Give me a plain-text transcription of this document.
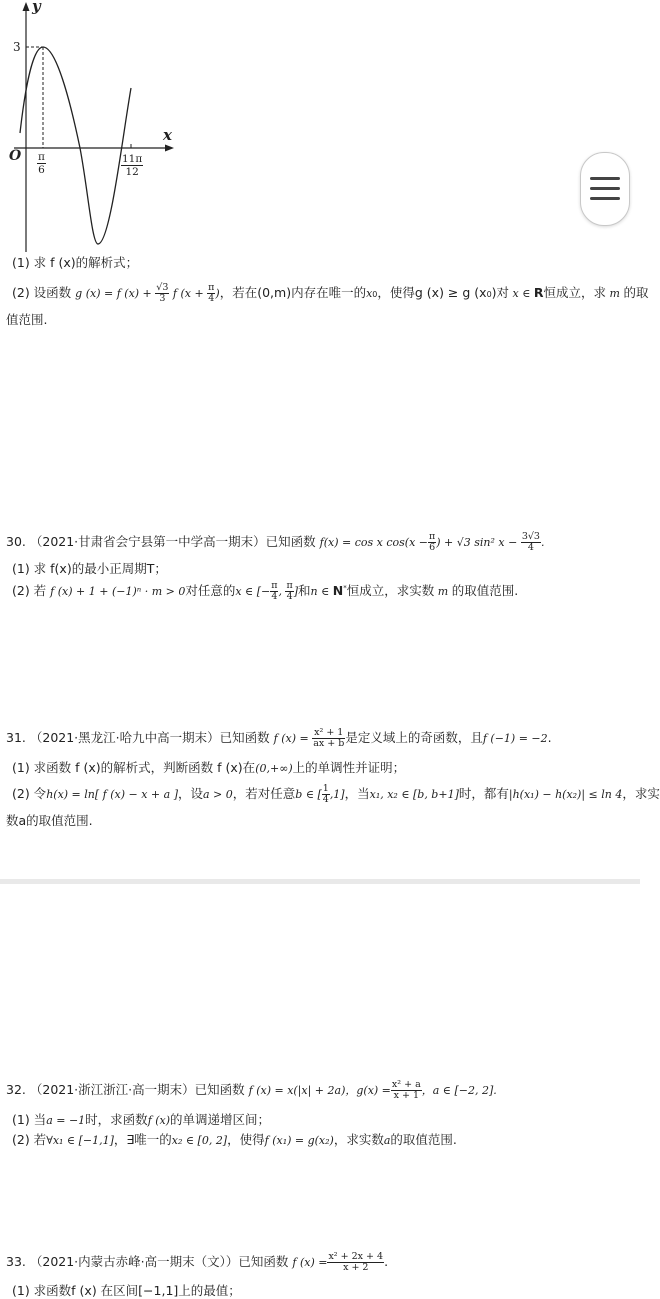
y
x
O
3
$\frac{\pi}{6}$	$\frac{11\pi}{12}$
(1) 求 f (x)的解析式；
(2) 设函数 g (x) = f $(x) + \frac{√3}{3}$ f ($x + \frac{\pi}{4}$ )，若在(0,m)内存在唯一的x0，使得g (x) ≥ g (x0)对 x ∈ R恒成立，求 m 的取
值范围.
30. （2021·甘肃省会宁县第一中学高一期末）已知函数 f(x) = cos x $\cos(x - \frac{\pi}{6}$ ) + √3 sin² $x - \frac{3√3}{4}$ .
(1) 求 f(x)的最小正周期T；
(2) 若 f (x) + 1 + (−1)ⁿ · m > 0对任意的x ∈ [− $\frac{\pi}{4}$ , $\frac{\pi}{4}$ ]和n ∈ N*恒成立，求实数 m 的取值范围.
31. （2021·黑龙江·哈九中高一期末）已知函数 f $(x) = \frac{\text{x² + 1}}{ax + b}$ 是定义域上的奇函数，且f (−1) = −2.
(1) 求函数 f (x)的解析式，判断函数 f (x)在(0,+∞)上的单调性并证明；
(2) 令h(x) = ln[ f (x) − x + a ]，设a > 0，若对任意b ∈ [ $\frac{1}{4} ,1$]，当x₁, x₂ ∈ [b, b+1]时，都有|h(x₁) − h(x₂)| ≤ ln 4，求实
数a的取值范围.
32. （2021·浙江浙江·高一期末）已知函数 f (x) = x(|x| + 2a)，$g(x) = \frac{\text{x² + a}}{x + 1}$ ，a ∈ [−2, 2].
(1) 当a = −1时，求函数f (x)的单调递增区间；
(2) 若∀x₁ ∈ [−1,1]，∃唯一的x₂ ∈ [0, 2]，使得f (x₁) = g(x₂)，求实数a的取值范围.
33. （2021·内蒙古赤峰·高一期末（文））已知函数 f $(x) = \frac{\text{x² + 2x + 4}}{x + 2}$ .
(1) 求函数f (x) 在区间[−1,1]上的最值；
